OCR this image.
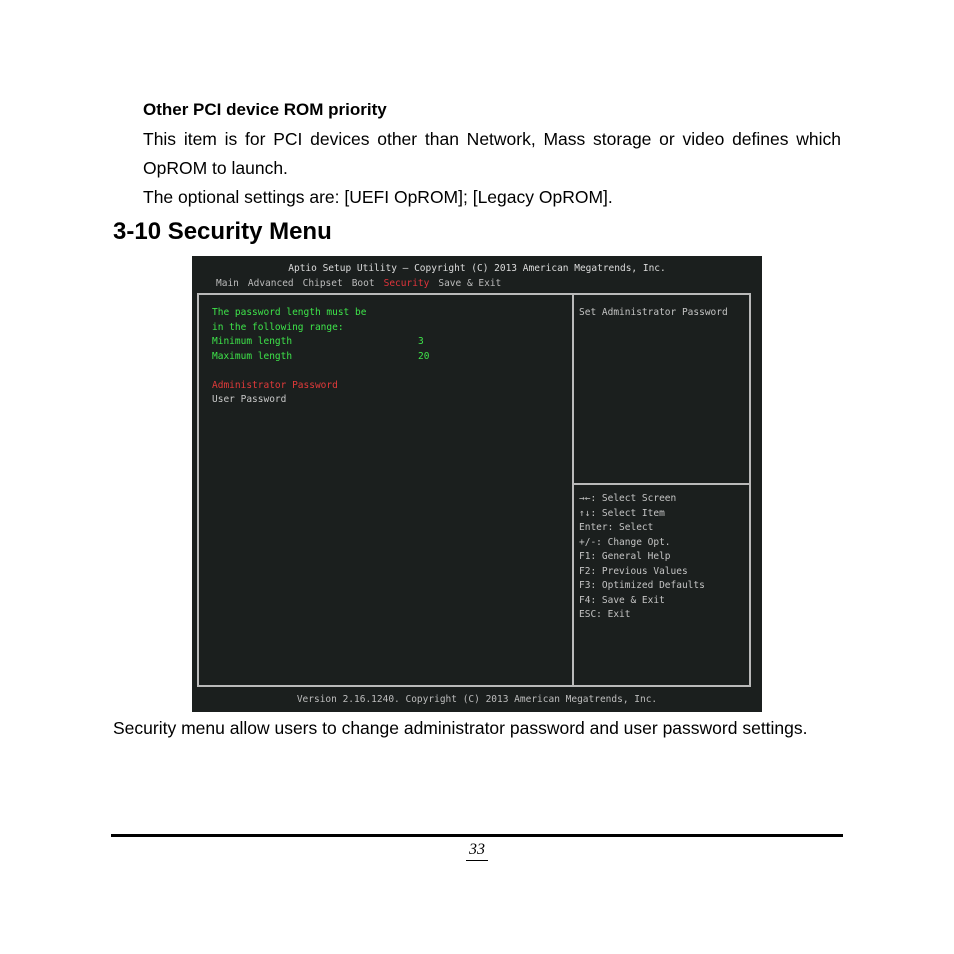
Other PCI device ROM priority

This item is for PCI devices other than Network, Mass storage or video defines which OpROM to launch.

The optional settings are: [UEFI OpROM]; [Legacy OpROM].

3-10 Security Menu
Aptio Setup Utility – Copyright (C) 2013 American Megatrends, Inc.
Main Advanced Chipset Boot Security Save & Exit
The password length must be
in the following range:
Minimum length	3
Maximum length	20
Administrator Password
User Password
Set Administrator Password
→←: Select Screen
↑↓: Select Item
Enter: Select
+/-: Change Opt.
F1: General Help
F2: Previous Values
F3: Optimized Defaults
F4: Save & Exit
ESC: Exit
Version 2.16.1240. Copyright (C) 2013 American Megatrends, Inc.

Security menu allow users to change administrator password and user password settings.

33
